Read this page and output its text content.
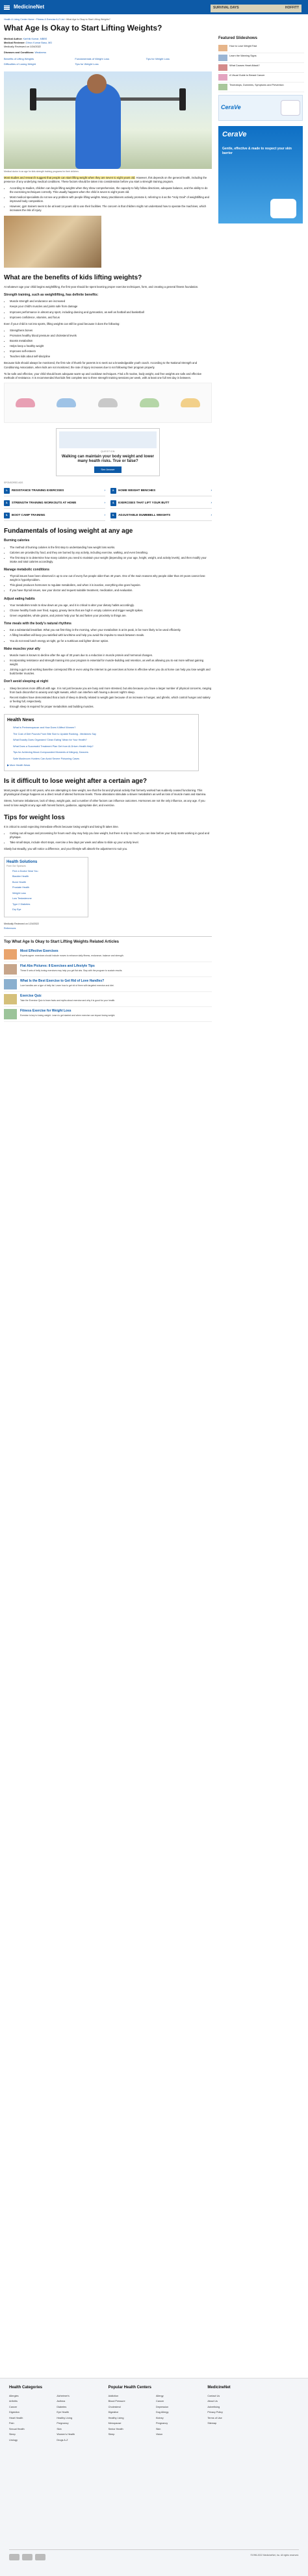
MedicineNet	SURVIVAL DAYS	HOFFITT
Health & Living Center Home › Fitness & Exercise A-Z List › What Age Is Okay to Start Lifting Weights?
What Age Is Okay to Start Lifting Weights?
Medical Author: Karthik Kumar, MBBS
Medical Reviewer: Dhruv Kumar Basu, MD
Medically Reviewed on 1/24/2022
Diseases and Conditions: Weakness
Benefits of Lifting Weights	Fundamentals of Weight Loss	Tips for Weight Loss
Difficulties of Losing Weight	Tips for Weight Loss
Medical doctor in an age for kids strength training programs for their children.

Most studies and research suggest that people can start lifting weight when they are seven to eight years old. However, this depends on the general health, including the presence of any underlying medical conditions. These factors should be taken into consideration before you start a strength training program.

• According to studies, children can begin lifting weights when they show comprehension, the capacity to fully follow directions, adequate balance, and the ability to do the exercising techniques correctly. This usually happens when the child is seven to eight years old.
• Most medical specialists do not see any problem with people lifting weights. Many practitioners actively promote it, referring to it as the "Holy Grail" of weightlifting and improved body composition.
• However, gym trainers seem to be at least 14 years old to use their facilities. The concern is that children might not understand how to operate the machines, which increases the risk of injury.
What are the benefits of kids lifting weights?

At whatever age your child begins weightlifting, the first year should be spent learning proper exercise techniques, form, and creating a general fitness foundation.

Strength training, such as weightlifting, has definite benefits:
• Muscle strength and endurance are increased
• Keeps your child's muscles and joints safe from damage
• Improves performance in almost any sport, including dancing and gymnastics, as well as football and basketball
• Improves confidence, vitamins, and focus

Even if your child is not into sports, lifting weights can still be good because it does the following:

• Strengthens bones
• Promotes healthy blood pressure and cholesterol levels
• Boosts metabolism
• Helps keep a healthy weight
• Improves self-esteem
• Teaches kids about self-discipline

Because kids should always be monitored, the first rule of thumb for parents is to seek out a knowledgeable youth coach. According to the National Strength and Conditioning Association, when kids are not monitored, the rate of injury increases due to not following their program properly.

To be safe and effective, your child should learn adequate warm-up and cooldown techniques. Find a fit routine, body weight, and free weights are safe and effective methods of resistance. It is recommended that kids first complete two to three strength training sessions per week, with at least one full rest day in between.

QUESTION
Walking can maintain your body weight and lower many health risks. True or false?
See Answer
SPONSORED ADS
1.	RESISTANCE TRAINING EXERCISES	›	2.	HOME WEIGHT BENCHES	›
3.	STRENGTH TRAINING WORKOUTS AT HOME	›	4.	EXERCISES THAT LIFT YOUR BUTT	›
5.	BOOT CAMP TRAINING	›	6.	ADJUSTABLE DUMBBELL WEIGHTS	›
Fundamentals of losing weight at any age
Burning calories
• The method of burning calories is the first step to understanding how weight loss works.
• Calories are provided by food, and they are burned by any activity, including exercise, walking, and even breathing.
• The first step is to determine how many calories you need to maintain your weight (depending on your age, height, weight, and activity levels), and then modify your intake and total calories accordingly.
Manage metabolic conditions
• Thyroid issues have been observed in up to one out of every five people older than 40 years. One of the main reasons why people older than 40 years cannot lose weight is hypothyroidism.
• This gland produces hormones to regulate metabolism, and when it is inactive, everything else goes haywire.
• If you have thyroid issues, see your doctor and request suitable treatment, medication, and evaluation.
Adjust eating habits
• Your metabolism tends to slow down as you age, and it is critical to alter your dietary habits accordingly.
• Choose healthy foods over fried, sugary, greasy items that are high in empty calories and trigger weight spikes.
• Green vegetables, whole grains, and protein help your fat and fasten your proximity to things are.
Time meals with the body's natural rhythms
• Eat a substantial breakfast. What you eat first thing in the morning, when your metabolism is at its peak, is far more likely to be used efficiently.
• A filling breakfast will keep you satisfied with lunchtime and help you avoid the impulse to snack between meals.
• You do not need lunch energy at night, go for a nutritious and lighter dinner option.
Make muscles your ally
• Muscle mass is known to decline after the age of 30 years due to a reduction in muscle protein and hormonal changes.
• Incorporating resistance and strength training into your program is essential for muscle-building and retention, as well as allowing you to eat more without gaining weight.
• Joining a gym and working baseline correspond lifts or even using the Internet to get exercises at home is effective when you do at home can help you lose weight and build better muscles.
Don't avoid sleeping at night
• Sleep becomes more difficult with age. It is not just because you are busy and more stressed, but also because you have a larger number of physical concerns, ranging from back discomfort to anxiety and night sweats, which can interfere with having a decent night's sleep.
• Recent studies have demonstrated that a lack of sleep is directly related to weight gain because of an increase in hunger, and ghrelin, which control hunger and satiety or feeling full, respectively.
• Enough sleep is required for proper metabolism and building muscles.
Health News
What Is Perimenopause and How Does It Affect Women?
The Cost of Diet Pounds From Bite Size to Update Ranking - Medicines Say
What Exactly Does Organized 'Clean Eating' Mean for Your Health?
What Does a Successful Treatment Plan Get from AI-Driven Health Help?
Tips for Achieving Mood-Compounded Moments of Allegory, Dancers
Safe Mushroom Hunters Can Avoid Severe Poisoning Cases
▶ More Health News
Is it difficult to lose weight after a certain age?

Most people aged 40 to 60 years, who are attempting to lose weight, see that the fat and physical activity that formerly worked has suddenly ceased functioning. This physiological change happens as a direct result of altered hormone levels. These alterations stimulate a slower metabolism as well as loss of muscle mass and stamina.

Stress, hormone imbalances, lack of sleep, weight gain, and a number of other factors can influence outcomes. Hormones are not the only influence, as any age. If you need to lose weight at any age with honest factors, guidance, appropriate diet, and exercise.

Tips for weight loss

It is critical to avoid expecting immediate effects because losing weight and losing fit takes time.

• Cutting out all sugar and processing for hours each day may help you lose weight, but there is only so much you can lose before your body starts working in good and physique.
• Take small steps, include short steps, exercise a few days per week and allow to slide up your activity level.

Slowly but steadily, you will notice a difference, and your lifestyle will absorb the adjustment to suit you.

Health Solutions
From Our Sponsors
Find a Doctor Near You
Bladder Health
Bone Health
Prostate Health
Weight Loss
Low Testosterone
Type 2 Diabetes
Dry Eye
Medically Reviewed on 1/24/2022
References
Top What Age Is Okay to Start Lifting Weights Related Articles
Most Effective Exercises
Experts agree: exercises should include moves to enhance daily fitness, endurance, balance and strength.
Flat Abs Pictures: 8 Exercises and Lifestyle Tips
These 8 sets of belly toning exercises may help you get flat abs. Stay with the program to sustain results.
What Is the Best Exercise to Get Rid of Love Handles?
Love handles are a type of belly fat. Learn how to get rid of them with targeted exercise and diet.
Exercise Quiz
Take the Exercise Quiz to learn facts and myths about exercise and why it is good for your health.
Fitness Exercise for Weight Loss
Exercise is key to losing weight. Learn to get started and when exercise can impact losing weight.
Featured Slideshows
How to Lose Weight Fast
Learn the Warning Signs
What Causes Heart Attack?
A Visual Guide to Breast Cancer
Triceratops, Dummies, Symptoms and Prevention
CeraVe
CeraVe
Gentle, effective & made to respect your skin barrier
Health Categories
Allergies	Alzheimer's
Arthritis	Asthma
Cancer	Diabetes
Digestion	Eye Health
Heart Health	Healthy Living
Pain	Pregnancy
Sexual Health	Skin
Sleep	Women's Health
Urology	Drugs A-Z
Popular Health Centers
Addiction	Allergy
Blood Pressure	Cancer
Cholesterol	Depression
Digestive	Dog Allergy
Healthy Living	Kidney
Menopause	Pregnancy
Senior Health	Skin
Sleep	Vision
MedicineNet
Contact Us
About Us
Advertising
Privacy Policy
Terms of Use
Sitemap
©1996-2022 MedicineNet, Inc. All rights reserved.
